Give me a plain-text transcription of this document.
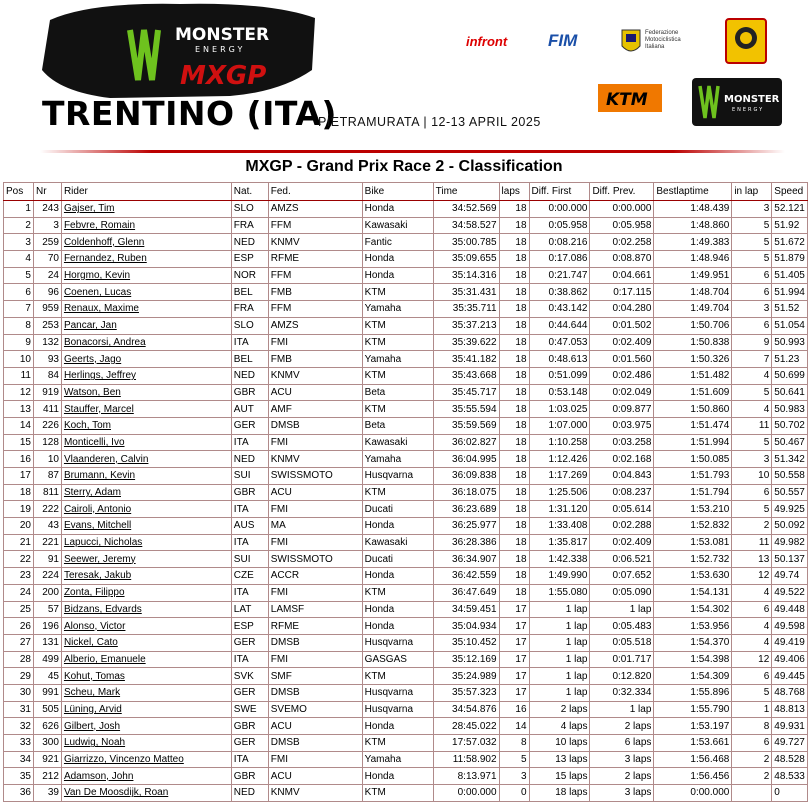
MONSTER
ENERGY
MXGP
TRENTINO (ITA)
PIETRAMURATA | 12-13 APRIL 2025
infront FIM	Federazione Motociclistica Italiana
KTM	MONSTER
ENERGY
MXGP - Grand Prix Race 2 - Classification
Pos	Nr	Rider	Nat.	Fed.	Bike	Time	laps	Diff. First	Diff. Prev.	Bestlaptime	in lap	Speed
1	243	Gajser, Tim	SLO	AMZS	Honda	34:52.569	18	0:00.000	0:00.000	1:48.439	3	52.121
2	3	Febvre, Romain	FRA	FFM	Kawasaki	34:58.527	18	0:05.958	0:05.958	1:48.860	5	51.92
3	259	Coldenhoff, Glenn	NED	KNMV	Fantic	35:00.785	18	0:08.216	0:02.258	1:49.383	5	51.672
4	70	Fernandez, Ruben	ESP	RFME	Honda	35:09.655	18	0:17.086	0:08.870	1:48.946	5	51.879
5	24	Horgmo, Kevin	NOR	FFM	Honda	35:14.316	18	0:21.747	0:04.661	1:49.951	6	51.405
6	96	Coenen, Lucas	BEL	FMB	KTM	35:31.431	18	0:38.862	0:17.115	1:48.704	6	51.994
7	959	Renaux, Maxime	FRA	FFM	Yamaha	35:35.711	18	0:43.142	0:04.280	1:49.704	3	51.52
8	253	Pancar, Jan	SLO	AMZS	KTM	35:37.213	18	0:44.644	0:01.502	1:50.706	6	51.054
9	132	Bonacorsi, Andrea	ITA	FMI	KTM	35:39.622	18	0:47.053	0:02.409	1:50.838	9	50.993
10	93	Geerts, Jago	BEL	FMB	Yamaha	35:41.182	18	0:48.613	0:01.560	1:50.326	7	51.23
11	84	Herlings, Jeffrey	NED	KNMV	KTM	35:43.668	18	0:51.099	0:02.486	1:51.482	4	50.699
12	919	Watson, Ben	GBR	ACU	Beta	35:45.717	18	0:53.148	0:02.049	1:51.609	5	50.641
13	411	Stauffer, Marcel	AUT	AMF	KTM	35:55.594	18	1:03.025	0:09.877	1:50.860	4	50.983
14	226	Koch, Tom	GER	DMSB	Beta	35:59.569	18	1:07.000	0:03.975	1:51.474	11	50.702
15	128	Monticelli, Ivo	ITA	FMI	Kawasaki	36:02.827	18	1:10.258	0:03.258	1:51.994	5	50.467
16	10	Vlaanderen, Calvin	NED	KNMV	Yamaha	36:04.995	18	1:12.426	0:02.168	1:50.085	3	51.342
17	87	Brumann, Kevin	SUI	SWISSMOTO	Husqvarna	36:09.838	18	1:17.269	0:04.843	1:51.793	10	50.558
18	811	Sterry, Adam	GBR	ACU	KTM	36:18.075	18	1:25.506	0:08.237	1:51.794	6	50.557
19	222	Cairoli, Antonio	ITA	FMI	Ducati	36:23.689	18	1:31.120	0:05.614	1:53.210	5	49.925
20	43	Evans, Mitchell	AUS	MA	Honda	36:25.977	18	1:33.408	0:02.288	1:52.832	2	50.092
21	221	Lapucci, Nicholas	ITA	FMI	Kawasaki	36:28.386	18	1:35.817	0:02.409	1:53.081	11	49.982
22	91	Seewer, Jeremy	SUI	SWISSMOTO	Ducati	36:34.907	18	1:42.338	0:06.521	1:52.732	13	50.137
23	224	Teresak, Jakub	CZE	ACCR	Honda	36:42.559	18	1:49.990	0:07.652	1:53.630	12	49.74
24	200	Zonta, Filippo	ITA	FMI	KTM	36:47.649	18	1:55.080	0:05.090	1:54.131	4	49.522
25	57	Bidzans, Edvards	LAT	LAMSF	Honda	34:59.451	17	1 lap	1 lap	1:54.302	6	49.448
26	196	Alonso, Victor	ESP	RFME	Honda	35:04.934	17	1 lap	0:05.483	1:53.956	4	49.598
27	131	Nickel, Cato	GER	DMSB	Husqvarna	35:10.452	17	1 lap	0:05.518	1:54.370	4	49.419
28	499	Alberio, Emanuele	ITA	FMI	GASGAS	35:12.169	17	1 lap	0:01.717	1:54.398	12	49.406
29	45	Kohut, Tomas	SVK	SMF	KTM	35:24.989	17	1 lap	0:12.820	1:54.309	6	49.445
30	991	Scheu, Mark	GER	DMSB	Husqvarna	35:57.323	17	1 lap	0:32.334	1:55.896	5	48.768
31	505	Lüning, Arvid	SWE	SVEMO	Husqvarna	34:54.876	16	2 laps	1 lap	1:55.790	1	48.813
32	626	Gilbert, Josh	GBR	ACU	Honda	28:45.022	14	4 laps	2 laps	1:53.197	8	49.931
33	300	Ludwig, Noah	GER	DMSB	KTM	17:57.032	8	10 laps	6 laps	1:53.661	6	49.727
34	921	Giarrizzo, Vincenzo Matteo	ITA	FMI	Yamaha	11:58.902	5	13 laps	3 laps	1:56.468	2	48.528
35	212	Adamson, John	GBR	ACU	Honda	8:13.971	3	15 laps	2 laps	1:56.456	2	48.533
36	39	Van De Moosdijk, Roan	NED	KNMV	KTM	0:00.000	0	18 laps	3 laps	0:00.000		0
